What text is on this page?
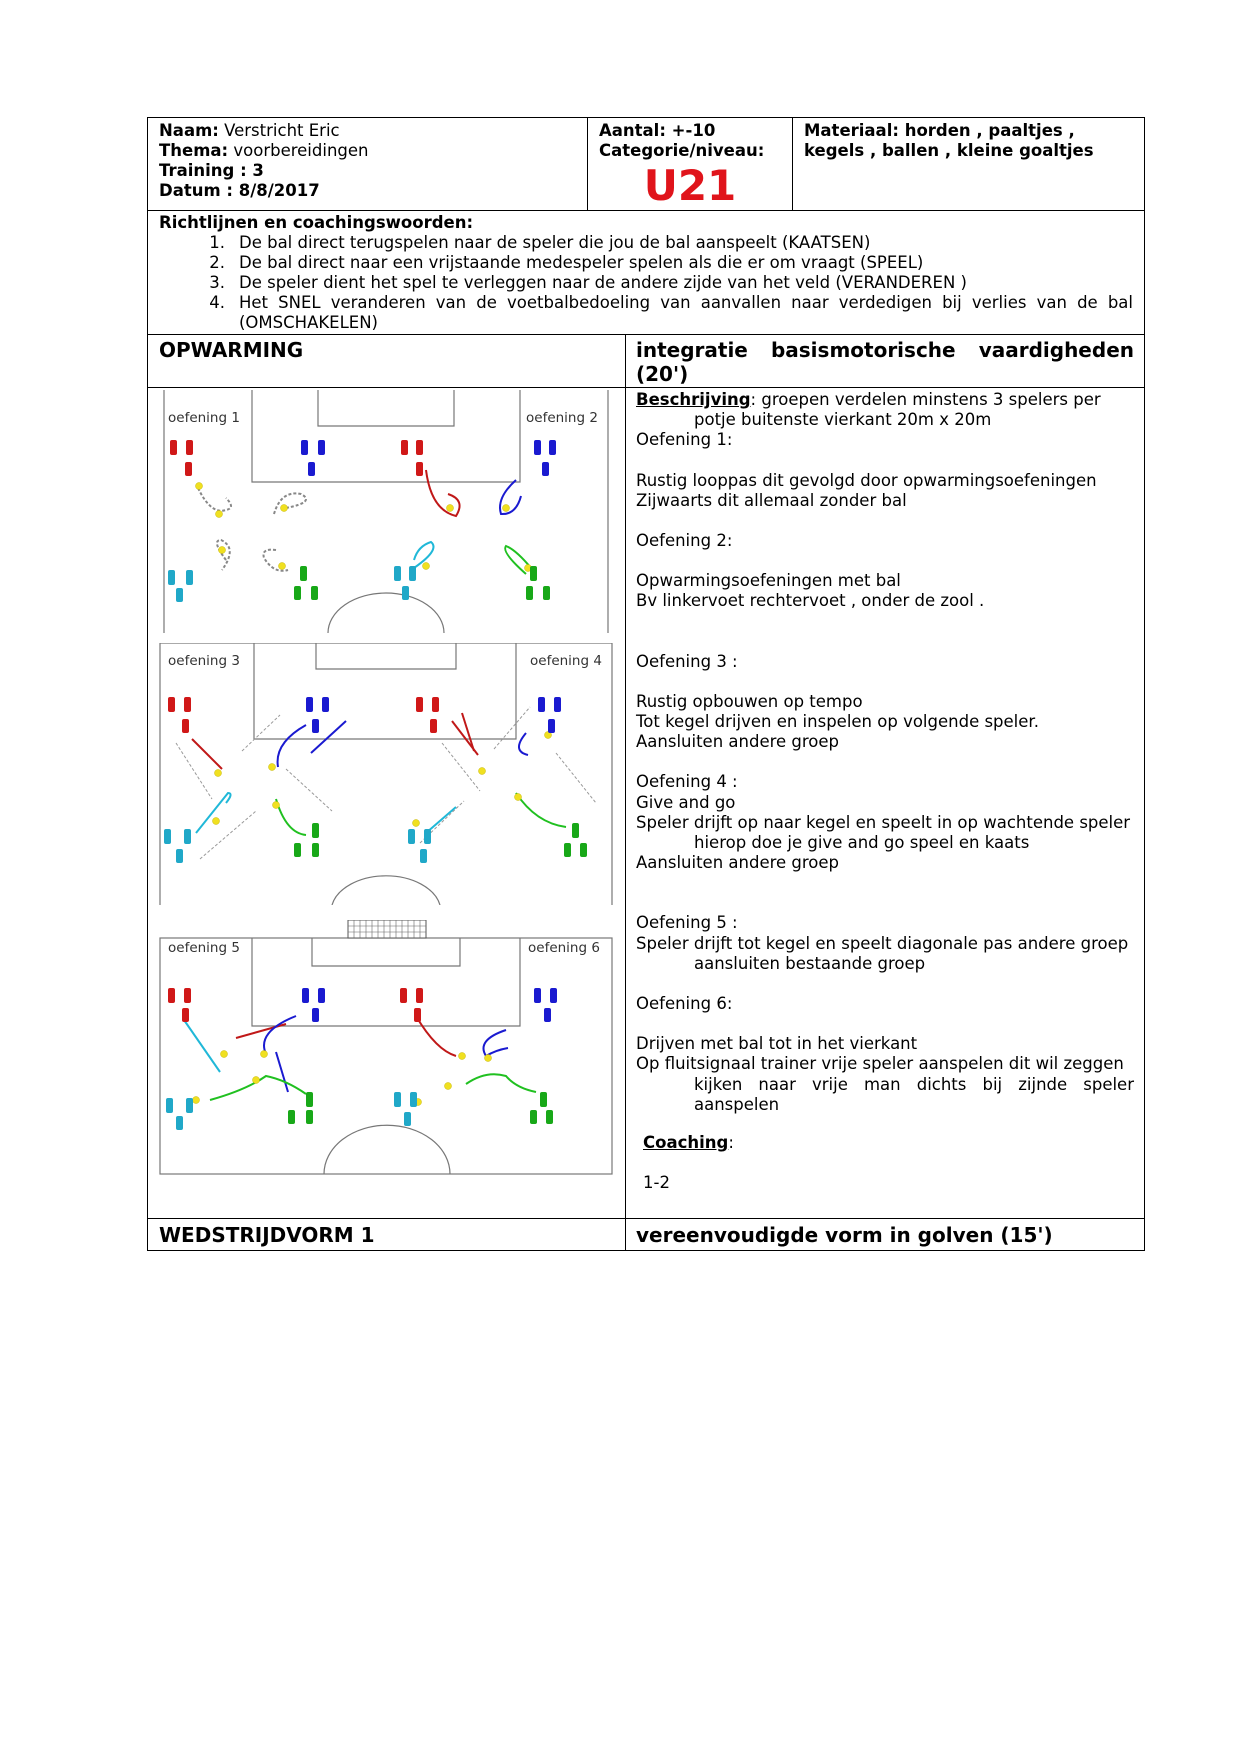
Naam: Verstricht Eric
Thema: voorbereidingen
Training : 3
Datum : 8/8/2017
Aantal: +-10
Categorie/niveau:
U21
Materiaal: horden , paaltjes , kegels , ballen , kleine goaltjes
Richtlijnen en coachingswoorden:
1. De bal direct terugspelen naar de speler die jou de bal aanspeelt (KAATSEN)
2. De bal direct naar een vrijstaande medespeler spelen als die er om vraagt (SPEEL)
3. De speler dient het spel te verleggen naar de andere zijde van het veld (VERANDEREN )
4. Het SNEL veranderen van de voetbalbedoeling van aanvallen naar verdedigen bij verlies van de bal (OMSCHAKELEN)
OPWARMING	integratie basismotorische vaardigheden (20')
oefening 1	oefening 2
oefening 3	oefening 4
oefening 5	oefening 6

Beschrijving: groepen verdelen minstens 3 spelers per

potje buitenste vierkant 20m x 20m

Oefening 1:

Rustig looppas dit gevolgd door opwarmingsoefeningen

Zijwaarts dit allemaal zonder bal

Oefening 2:

Opwarmingsoefeningen met bal

Bv linkervoet rechtervoet , onder de zool .

Oefening 3 :

Rustig opbouwen op tempo

Tot kegel drijven en inspelen op volgende speler.

Aansluiten andere groep

Oefening 4 :

Give and go

Speler drijft op naar kegel en speelt in op wachtende speler

hierop doe je give and go speel en kaats

Aansluiten andere groep

Oefening 5 :

Speler drijft tot kegel en speelt diagonale pas andere groep

aansluiten bestaande groep

Oefening 6:

Drijven met bal tot in het vierkant

Op fluitsignaal trainer vrije speler aanspelen dit wil zeggen

kijken naar vrije man dichts bij zijnde speler

aanspelen

Coaching:

1-2

WEDSTRIJDVORM 1	vereenvoudigde vorm in golven (15')
